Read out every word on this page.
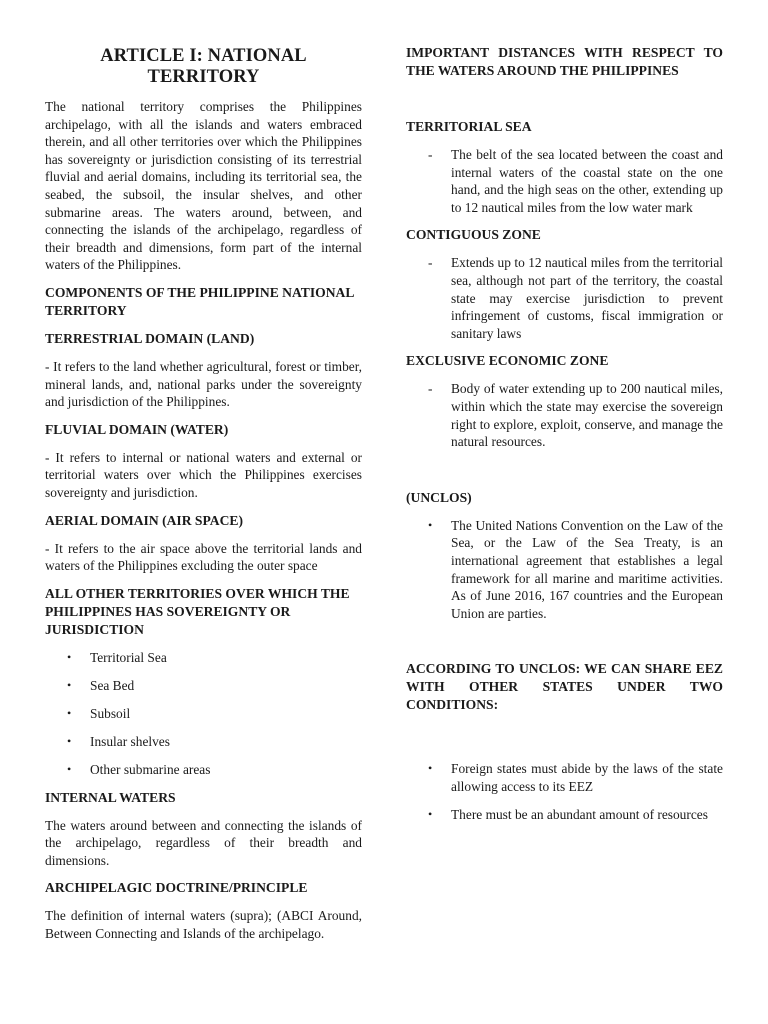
ARTICLE I: NATIONAL TERRITORY

The national territory comprises the Philippines archipelago, with all the islands and waters embraced therein, and all other territories over which the Philippines has sovereignty or jurisdiction consisting of its terrestrial fluvial and aerial domains, including its territorial sea, the seabed, the subsoil, the insular shelves, and other submarine areas. The waters around, between, and connecting the islands of the archipelago, regardless of their breadth and dimensions, form part of the internal waters of the Philippines.

COMPONENTS OF THE PHILIPPINE NATIONAL TERRITORY
TERRESTRIAL DOMAIN (LAND)

- It refers to the land whether agricultural, forest or timber, mineral lands, and, national parks under the sovereignty and jurisdiction of the Philippines.

FLUVIAL DOMAIN (WATER)

- It refers to internal or national waters and external or territorial waters over which the Philippines exercises sovereignty and jurisdiction.

AERIAL DOMAIN (AIR SPACE)

- It refers to the air space above the territorial lands and waters of the Philippines excluding the outer space

ALL OTHER TERRITORIES OVER WHICH THE PHILIPPINES HAS SOVEREIGNTY OR JURISDICTION
• Territorial Sea
• Sea Bed
• Subsoil
• Insular shelves
• Other submarine areas
INTERNAL WATERS

The waters around between and connecting the islands of the archipelago, regardless of their breadth and dimensions.

ARCHIPELAGIC DOCTRINE/PRINCIPLE

The definition of internal waters (supra); (ABCI Around, Between Connecting and Islands of the archipelago.

IMPORTANT DISTANCES WITH RESPECT TO THE WATERS AROUND THE PHILIPPINES
TERRITORIAL SEA
- The belt of the sea located between the coast and internal waters of the coastal state on the one hand, and the high seas on the other, extending up to 12 nautical miles from the low water mark
CONTIGUOUS ZONE
- Extends up to 12 nautical miles from the territorial sea, although not part of the territory, the coastal state may exercise jurisdiction to prevent infringement of customs, fiscal immigration or sanitary laws
EXCLUSIVE ECONOMIC ZONE
- Body of water extending up to 200 nautical miles, within which the state may exercise the sovereign right to explore, exploit, conserve, and manage the natural resources.
(UNCLOS)
• The United Nations Convention on the Law of the Sea, or the Law of the Sea Treaty, is an international agreement that establishes a legal framework for all marine and maritime activities. As of June 2016, 167 countries and the European Union are parties.
ACCORDING TO UNCLOS: WE CAN SHARE EEZ WITH OTHER STATES UNDER TWO CONDITIONS:
• Foreign states must abide by the laws of the state allowing access to its EEZ
• There must be an abundant amount of resources
